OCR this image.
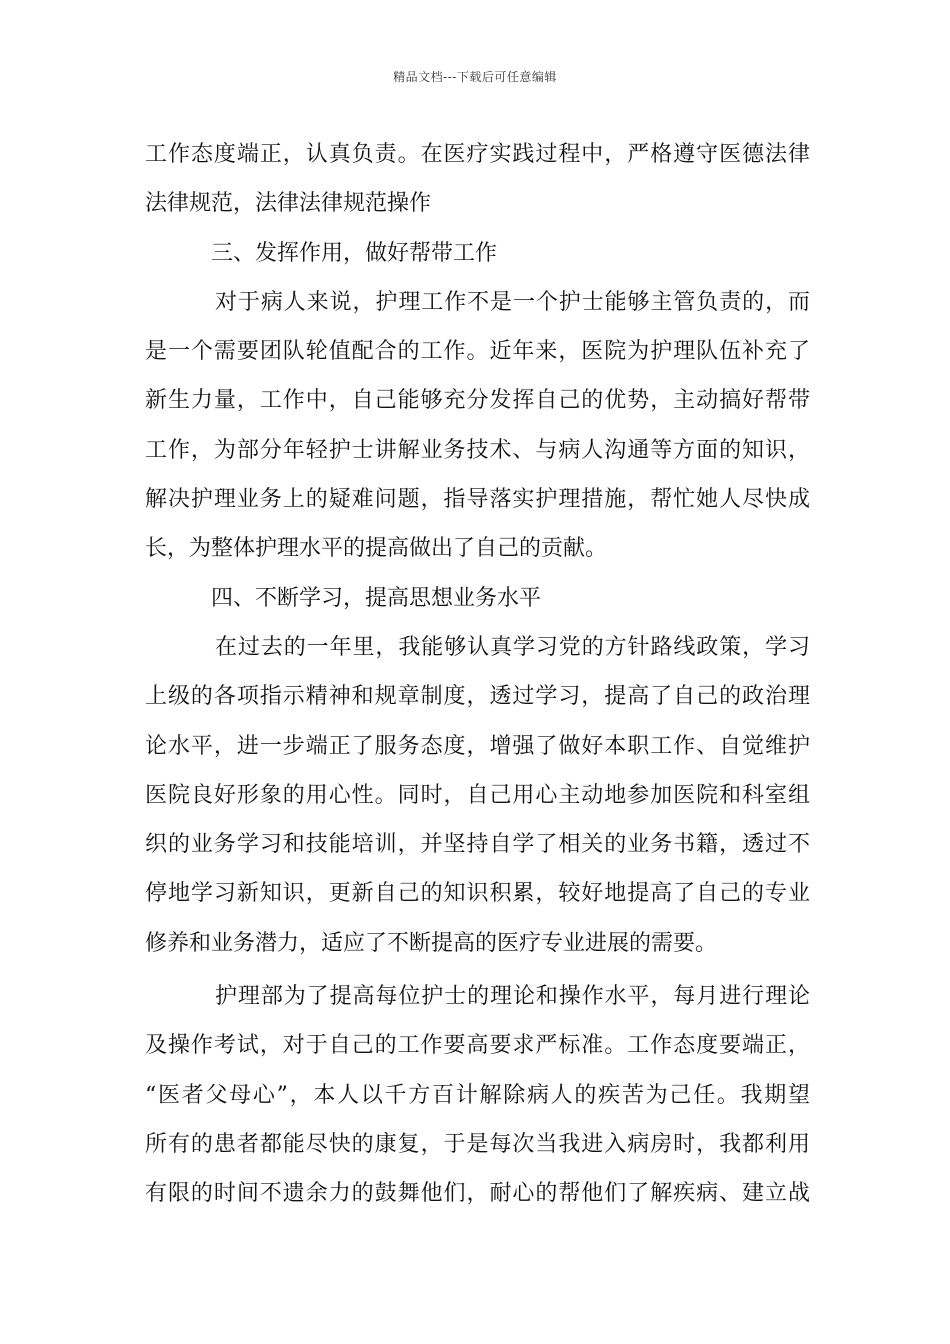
精品文档---下载后可任意编辑
工作态度端正，认真负责。在医疗实践过程中，严格遵守医德法律
法律规范，法律法律规范操作
三、发挥作用，做好帮带工作
对于病人来说，护理工作不是一个护士能够主管负责的，而
是一个需要团队轮值配合的工作。近年来，医院为护理队伍补充了
新生力量，工作中，自己能够充分发挥自己的优势，主动搞好帮带
工作，为部分年轻护士讲解业务技术、与病人沟通等方面的知识，
解决护理业务上的疑难问题，指导落实护理措施，帮忙她人尽快成
长，为整体护理水平的提高做出了自己的贡献。
四、不断学习，提高思想业务水平
在过去的一年里，我能够认真学习党的方针路线政策，学习
上级的各项指示精神和规章制度，透过学习，提高了自己的政治理
论水平，进一步端正了服务态度，增强了做好本职工作、自觉维护
医院良好形象的用心性。同时，自己用心主动地参加医院和科室组
织的业务学习和技能培训，并坚持自学了相关的业务书籍，透过不
停地学习新知识，更新自己的知识积累，较好地提高了自己的专业
修养和业务潜力，适应了不断提高的医疗专业进展的需要。
护理部为了提高每位护士的理论和操作水平，每月进行理论
及操作考试，对于自己的工作要高要求严标准。工作态度要端正，
“医者父母心”，本人以千方百计解除病人的疾苦为己任。我期望
所有的患者都能尽快的康复，于是每次当我进入病房时，我都利用
有限的时间不遗余力的鼓舞他们，耐心的帮他们了解疾病、建立战
